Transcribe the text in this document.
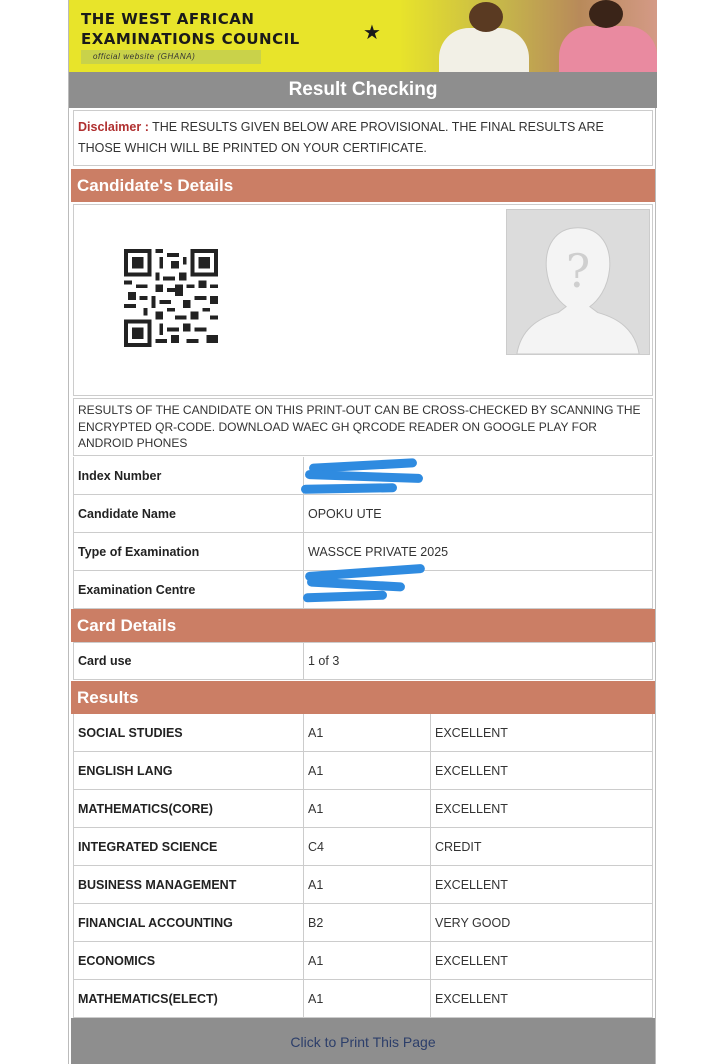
THE WEST AFRICAN
EXAMINATIONS COUNCIL
official website (GHANA)
★
Result Checking
Disclaimer : THE RESULTS GIVEN BELOW ARE PROVISIONAL. THE FINAL RESULTS ARE THOSE WHICH WILL BE PRINTED ON YOUR CERTIFICATE.
Candidate's Details
?
RESULTS OF THE CANDIDATE ON THIS PRINT-OUT CAN BE CROSS-CHECKED BY SCANNING THE ENCRYPTED QR-CODE. DOWNLOAD WAEC GH QRCODE READER ON GOOGLE PLAY FOR ANDROID PHONES
Index Number
Candidate Name	OPOKU UTE
Type of Examination	WASSCE PRIVATE 2025
Examination Centre
Card Details
Card use	1 of 3
Results
SOCIAL STUDIES	A1	EXCELLENT
ENGLISH LANG	A1	EXCELLENT
MATHEMATICS(CORE)	A1	EXCELLENT
INTEGRATED SCIENCE	C4	CREDIT
BUSINESS MANAGEMENT	A1	EXCELLENT
FINANCIAL ACCOUNTING	B2	VERY GOOD
ECONOMICS	A1	EXCELLENT
MATHEMATICS(ELECT)	A1	EXCELLENT
Click to Print This Page
